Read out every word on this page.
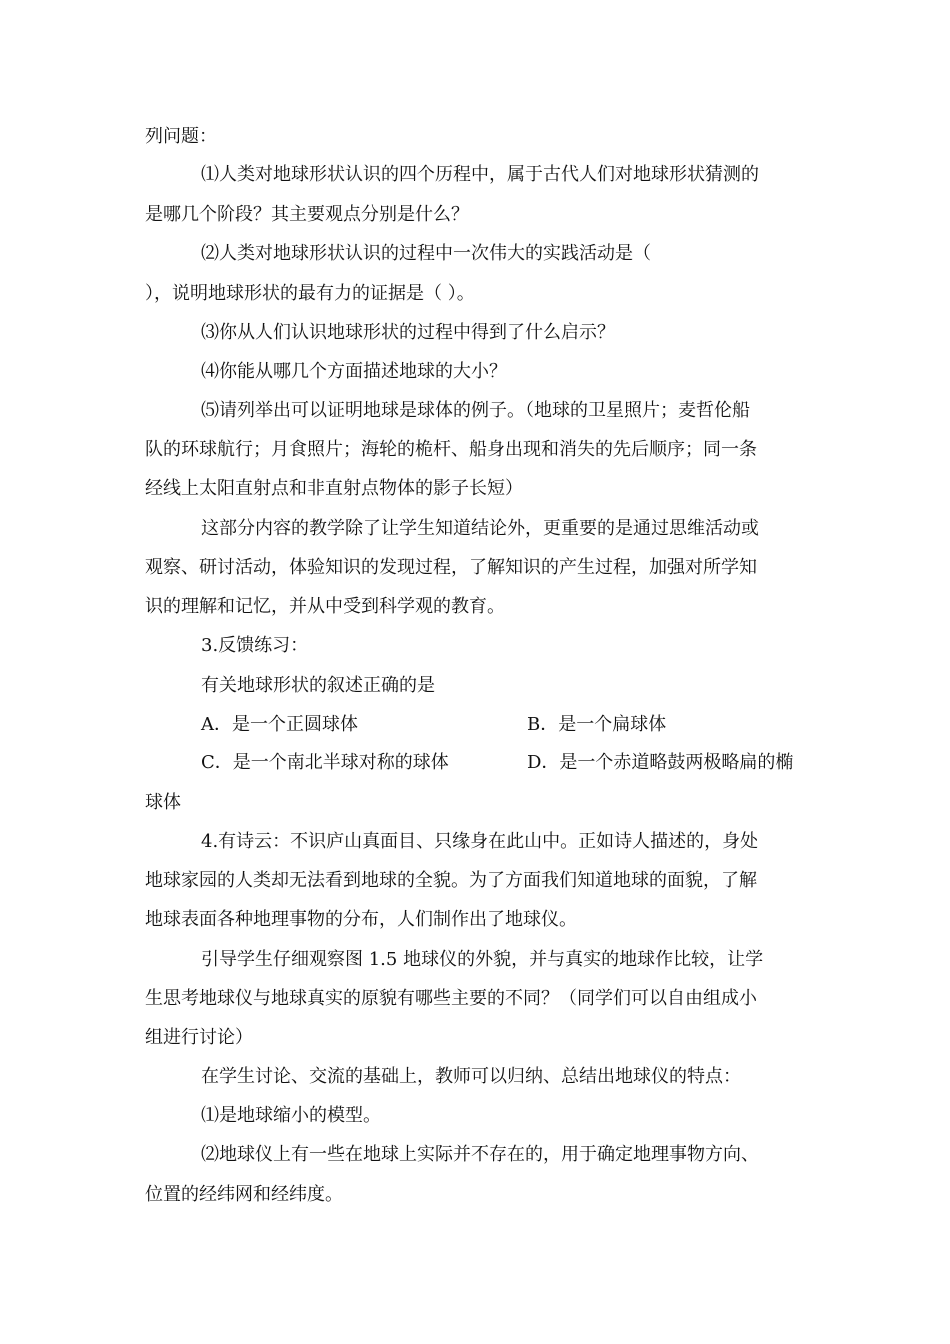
列问题：
⑴人类对地球形状认识的四个历程中，属于古代人们对地球形状猜测的
是哪几个阶段？其主要观点分别是什么？
⑵人类对地球形状认识的过程中一次伟大的实践活动是（
），说明地球形状的最有力的证据是（ ）。
⑶你从人们认识地球形状的过程中得到了什么启示？
⑷你能从哪几个方面描述地球的大小？
⑸请列举出可以证明地球是球体的例子。（地球的卫星照片；麦哲伦船
队的环球航行；月食照片；海轮的桅杆、船身出现和消失的先后顺序；同一条
经线上太阳直射点和非直射点物体的影子长短）
这部分内容的教学除了让学生知道结论外，更重要的是通过思维活动或
观察、研讨活动，体验知识的发现过程，了解知识的产生过程，加强对所学知
识的理解和记忆，并从中受到科学观的教育。
3.反馈练习：
有关地球形状的叙述正确的是
A．是一个正圆球体	B．是一个扁球体
C．是一个南北半球对称的球体	D．是一个赤道略鼓两极略扁的椭
球体
4.有诗云：不识庐山真面目、只缘身在此山中。正如诗人描述的，身处
地球家园的人类却无法看到地球的全貌。为了方面我们知道地球的面貌，了解
地球表面各种地理事物的分布，人们制作出了地球仪。
引导学生仔细观察图 1.5 地球仪的外貌，并与真实的地球作比较，让学
生思考地球仪与地球真实的原貌有哪些主要的不同？（同学们可以自由组成小
组进行讨论）
在学生讨论、交流的基础上，教师可以归纳、总结出地球仪的特点：
⑴是地球缩小的模型。
⑵地球仪上有一些在地球上实际并不存在的，用于确定地理事物方向、
位置的经纬网和经纬度。
